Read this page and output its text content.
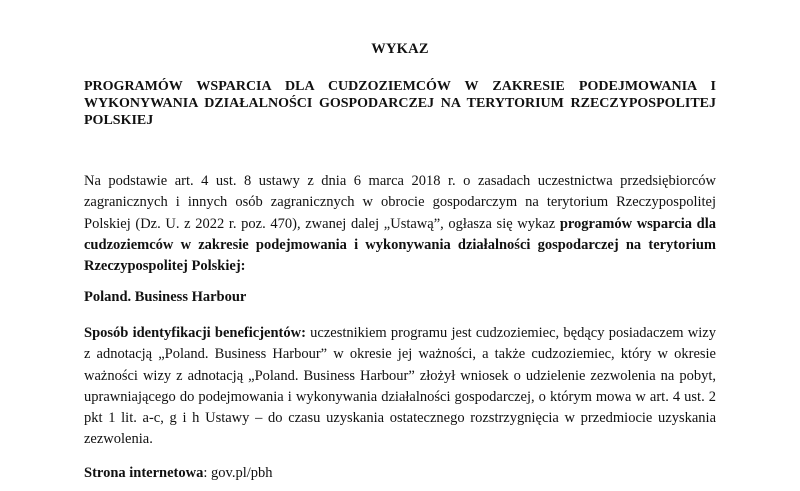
WYKAZ
PROGRAMÓW WSPARCIA DLA CUDZOZIEMCÓW W ZAKRESIE PODEJMOWANIA I WYKONYWANIA DZIAŁALNOŚCI GOSPODARCZEJ NA TERYTORIUM RZECZYPOSPOLITEJ POLSKIEJ

Na podstawie art. 4 ust. 8 ustawy z dnia 6 marca 2018 r. o zasadach uczestnictwa przedsiębiorców zagranicznych i innych osób zagranicznych w obrocie gospodarczym na terytorium Rzeczypospolitej Polskiej (Dz. U. z 2022 r. poz. 470), zwanej dalej „Ustawą”, ogłasza się wykaz programów wsparcia dla cudzoziemców w zakresie podejmowania i wykonywania działalności gospodarczej na terytorium Rzeczypospolitej Polskiej:

Poland. Business Harbour

Sposób identyfikacji beneficjentów: uczestnikiem programu jest cudzoziemiec, będący posiadaczem wizy z adnotacją „Poland. Business Harbour” w okresie jej ważności, a także cudzoziemiec, który w okresie ważności wizy z adnotacją „Poland. Business Harbour” złożył wniosek o udzielenie zezwolenia na pobyt, uprawniającego do podejmowania i wykonywania działalności gospodarczej, o którym mowa w art. 4 ust. 2 pkt 1 lit. a-c, g i h Ustawy – do czasu uzyskania ostatecznego rozstrzygnięcia w przedmiocie uzyskania zezwolenia.

Strona internetowa: gov.pl/pbh
